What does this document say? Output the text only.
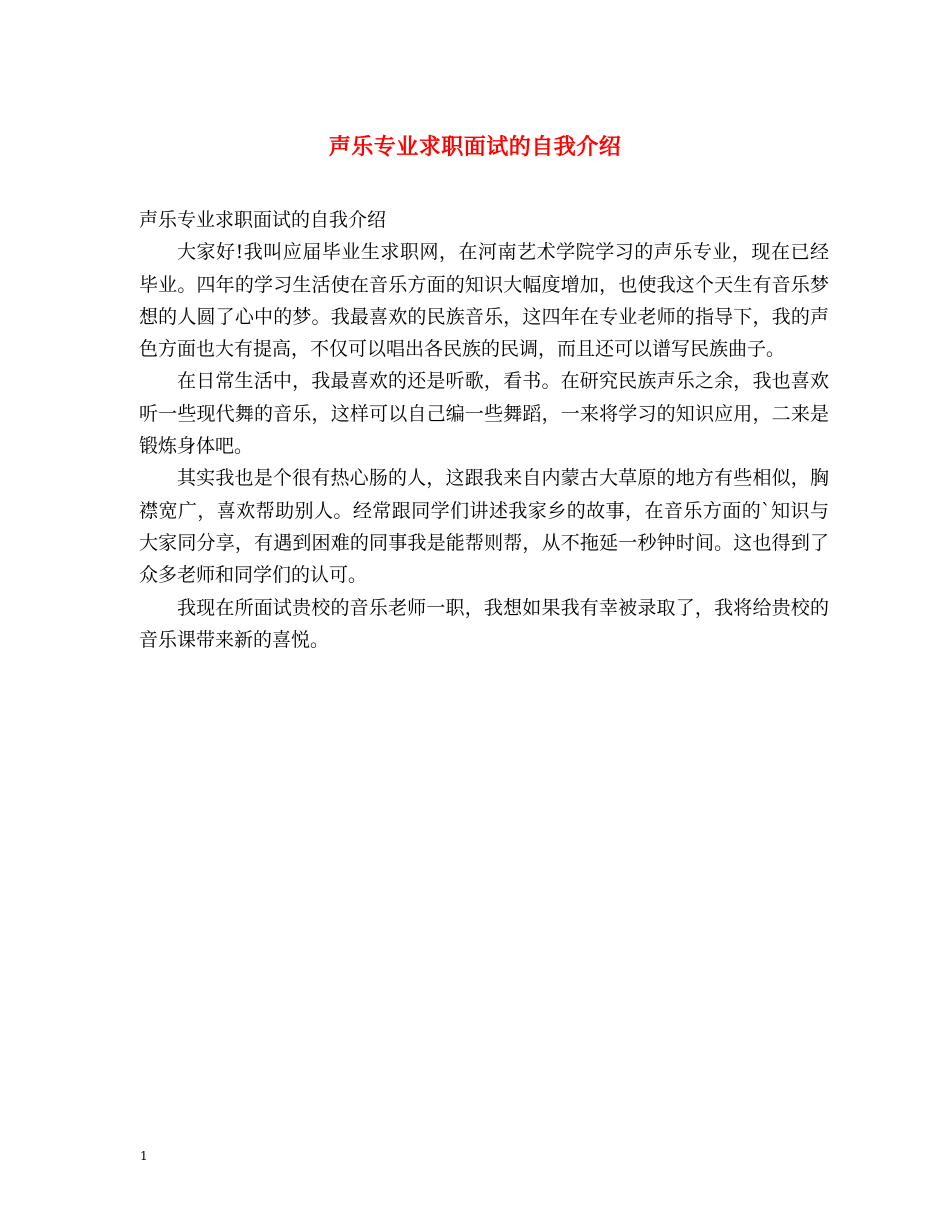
声乐专业求职面试的自我介绍

声乐专业求职面试的自我介绍

大家好!我叫应届毕业生求职网，在河南艺术学院学习的声乐专业，现在已经毕业。四年的学习生活使在音乐方面的知识大幅度增加，也使我这个天生有音乐梦想的人圆了心中的梦。我最喜欢的民族音乐，这四年在专业老师的指导下，我的声色方面也大有提高，不仅可以唱出各民族的民调，而且还可以谱写民族曲子。

在日常生活中，我最喜欢的还是听歌，看书。在研究民族声乐之余，我也喜欢听一些现代舞的音乐，这样可以自己编一些舞蹈，一来将学习的知识应用，二来是锻炼身体吧。

其实我也是个很有热心肠的人，这跟我来自内蒙古大草原的地方有些相似，胸襟宽广，喜欢帮助别人。经常跟同学们讲述我家乡的故事，在音乐方面的`知识与大家同分享，有遇到困难的同事我是能帮则帮，从不拖延一秒钟时间。这也得到了众多老师和同学们的认可。

我现在所面试贵校的音乐老师一职，我想如果我有幸被录取了，我将给贵校的音乐课带来新的喜悦。

1
